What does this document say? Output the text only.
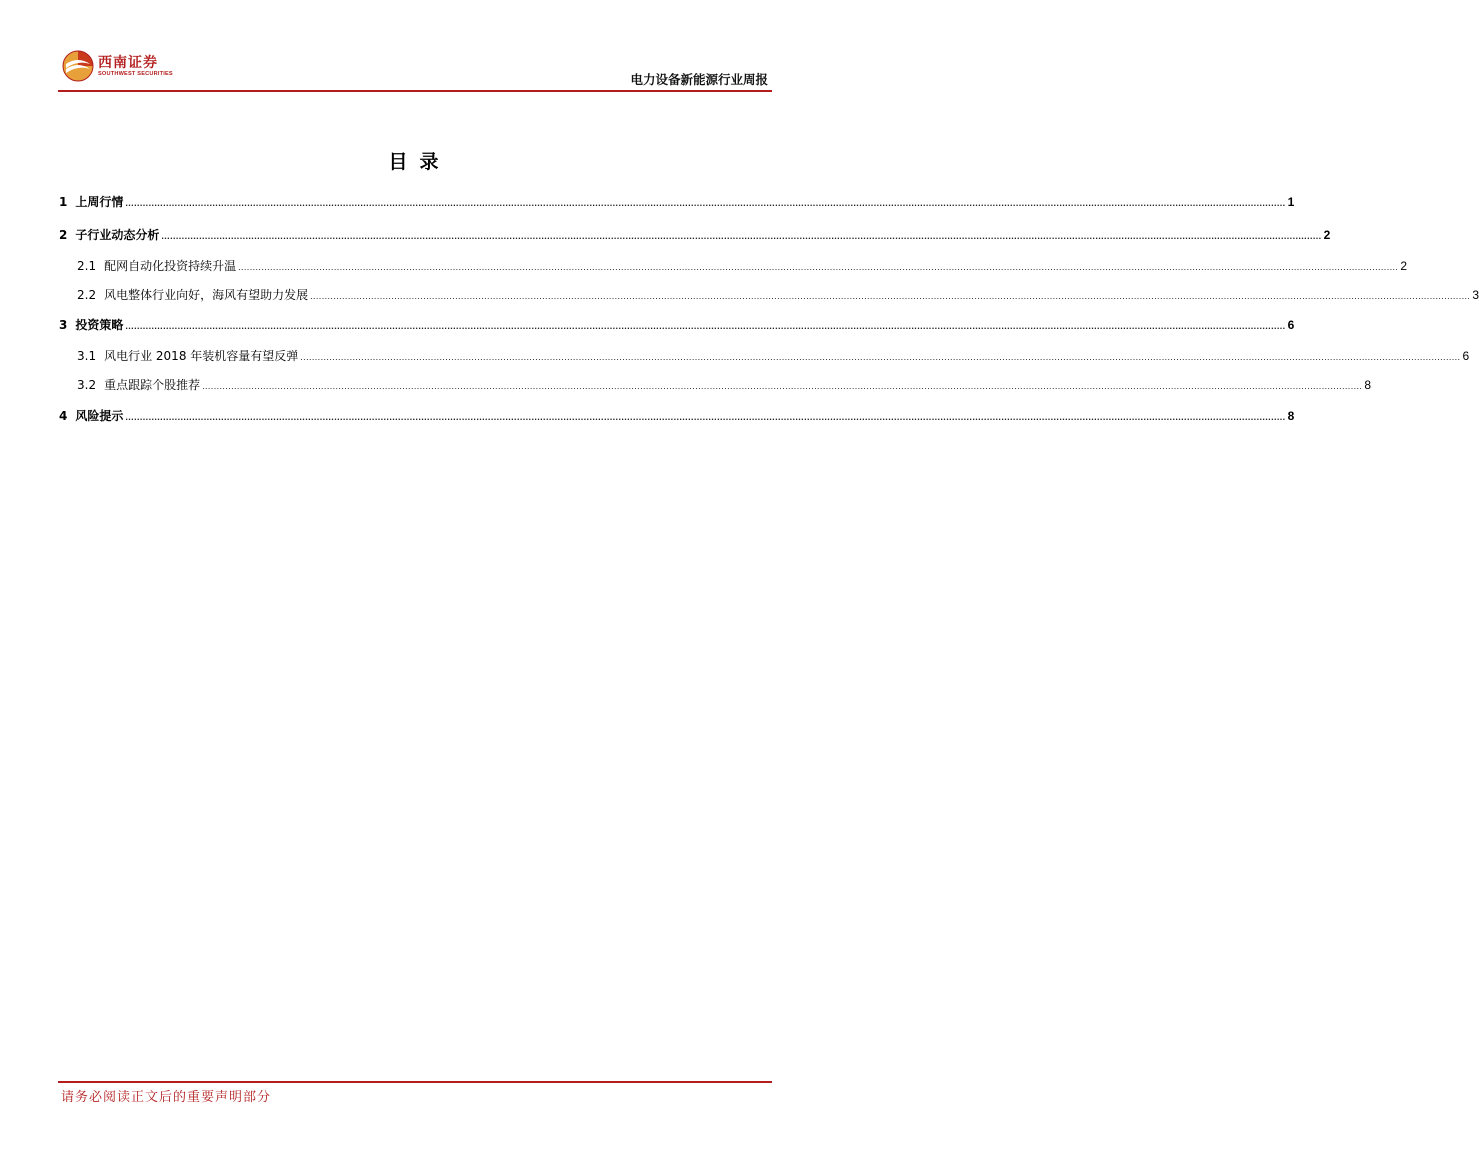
西南证券
SOUTHWEST SECURITIES	电力设备新能源行业周报
目录
1 上周行情 ................................................................................................................................................................................................................................................................................................................................................................................................................ 1
2 子行业动态分析 ................................................................................................................................................................................................................................................................................................................................................................................................................ 2
2.1 配网自动化投资持续升温 ................................................................................................................................................................................................................................................................................................................................................................................................................ 2
2.2 风电整体行业向好，海风有望助力发展 ................................................................................................................................................................................................................................................................................................................................................................................................................ 3
3 投资策略 ................................................................................................................................................................................................................................................................................................................................................................................................................ 6
3.1 风电行业 2018 年装机容量有望反弹 ................................................................................................................................................................................................................................................................................................................................................................................................................ 6
3.2 重点跟踪个股推荐 ................................................................................................................................................................................................................................................................................................................................................................................................................ 8
4 风险提示 ................................................................................................................................................................................................................................................................................................................................................................................................................ 8
请务必阅读正文后的重要声明部分
